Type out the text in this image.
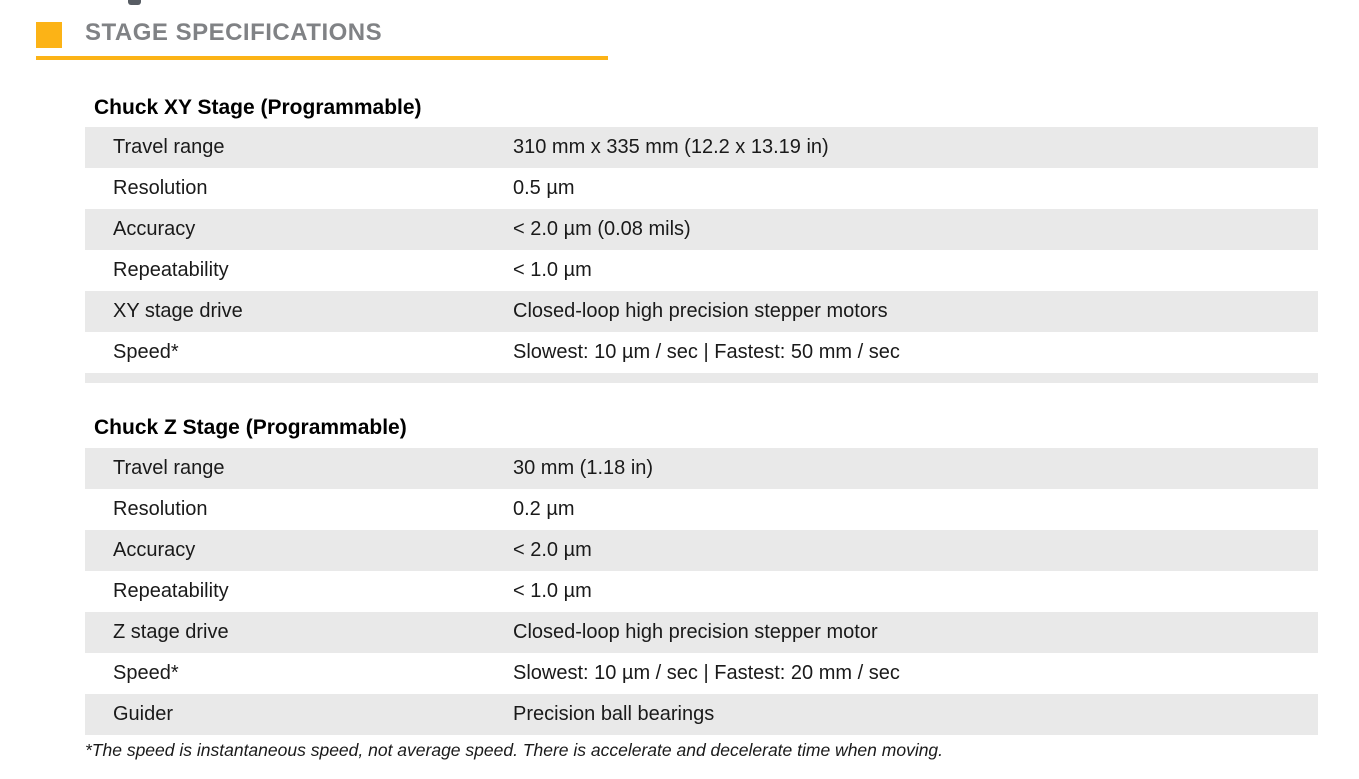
STAGE SPECIFICATIONS
Chuck XY Stage (Programmable)
Travel range	310 mm x 335 mm (12.2 x 13.19 in)
Resolution	0.5 µm
Accuracy	< 2.0 µm (0.08 mils)
Repeatability	< 1.0 µm
XY stage drive	Closed-loop high precision stepper motors
Speed*	Slowest: 10 µm / sec | Fastest: 50 mm / sec
Chuck Z Stage (Programmable)
Travel range	30 mm (1.18 in)
Resolution	0.2 µm
Accuracy	< 2.0 µm
Repeatability	< 1.0 µm
Z stage drive	Closed-loop high precision stepper motor
Speed*	Slowest: 10 µm / sec | Fastest: 20 mm / sec
Guider	Precision ball bearings
*The speed is instantaneous speed, not average speed. There is accelerate and decelerate time when moving.
